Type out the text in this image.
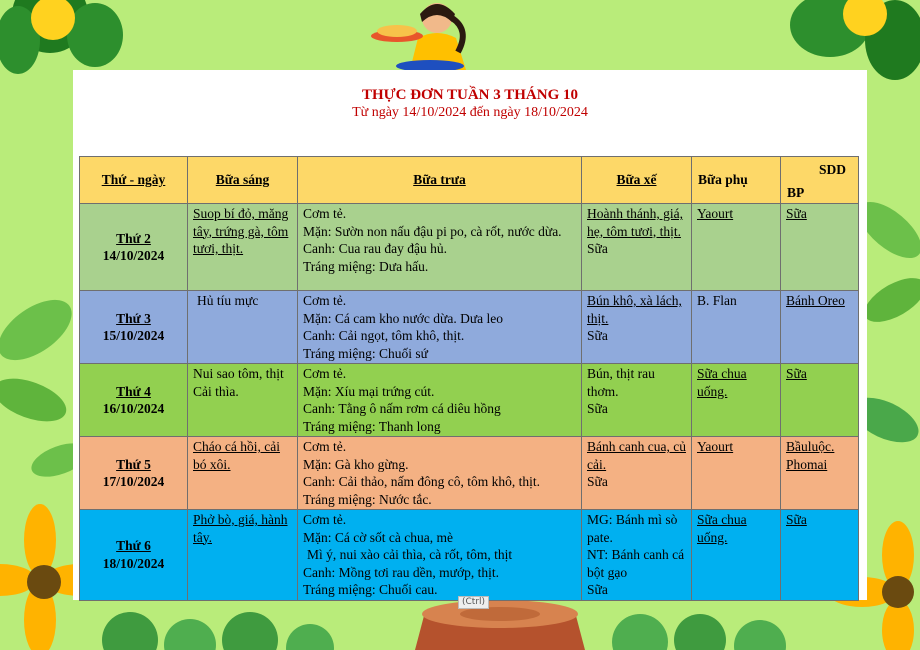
THỰC ĐƠN TUẦN 3 THÁNG 10
Từ ngày 14/10/2024 đến ngày 18/10/2024
Thứ - ngày	Bữa sáng	Bữa trưa	Bữa xế	Bữa phụ	SDD
BP

Thứ 2
14/10/2024	Suop bí đỏ, măng tây, trứng gà, tôm tươi, thịt.	Cơm tẻ.
Mặn: Sườn non nấu đậu pi po, cà rốt, nước dừa.
Canh: Cua rau đay đậu hủ.
Tráng miệng: Dưa hấu.	Hoành thánh, giá, hẹ, tôm tươi, thịt.
Sữa	Yaourt	Sữa

Thứ 3
15/10/2024	Hủ tíu mực	Cơm tẻ.
Mặn: Cá cam kho nước dừa. Dưa leo
Canh: Cải ngọt, tôm khô, thịt.
Tráng miệng: Chuối sứ	Bún khô, xà lách, thịt.
Sữa	B. Flan	Bánh Oreo

Thứ 4
16/10/2024	Nui sao tôm, thịt Cải thìa.	Cơm tẻ.
Mặn: Xíu mại trứng cút.
Canh: Tằng ô nấm rơm cá diêu hồng
Tráng miệng: Thanh long	Bún, thịt rau thơm.
Sữa	Sữa chua uống.	Sữa

Thứ 5
17/10/2024	Cháo cá hồi, cải bó xôi.	Cơm tẻ.
Mặn: Gà kho gừng.
Canh: Cải thảo, nấm đông cô, tôm khô, thịt.
Tráng miệng: Nước tắc.	Bánh canh cua, củ cải.
Sữa	Yaourt	Bầuluộc. Phomai

Thứ 6
18/10/2024	Phở bò, giá, hành tây.	Cơm tẻ.
Mặn: Cá cờ sốt cà chua, mè
Mì ý, nui xào cải thìa, cà rốt, tôm, thịt
Canh: Mồng tơi rau dền, mướp, thịt.
Tráng miệng: Chuối cau.	MG: Bánh mì sò pate.
NT: Bánh canh cá bột gạo
Sữa	Sữa chua uống.	Sữa
(Ctrl)
